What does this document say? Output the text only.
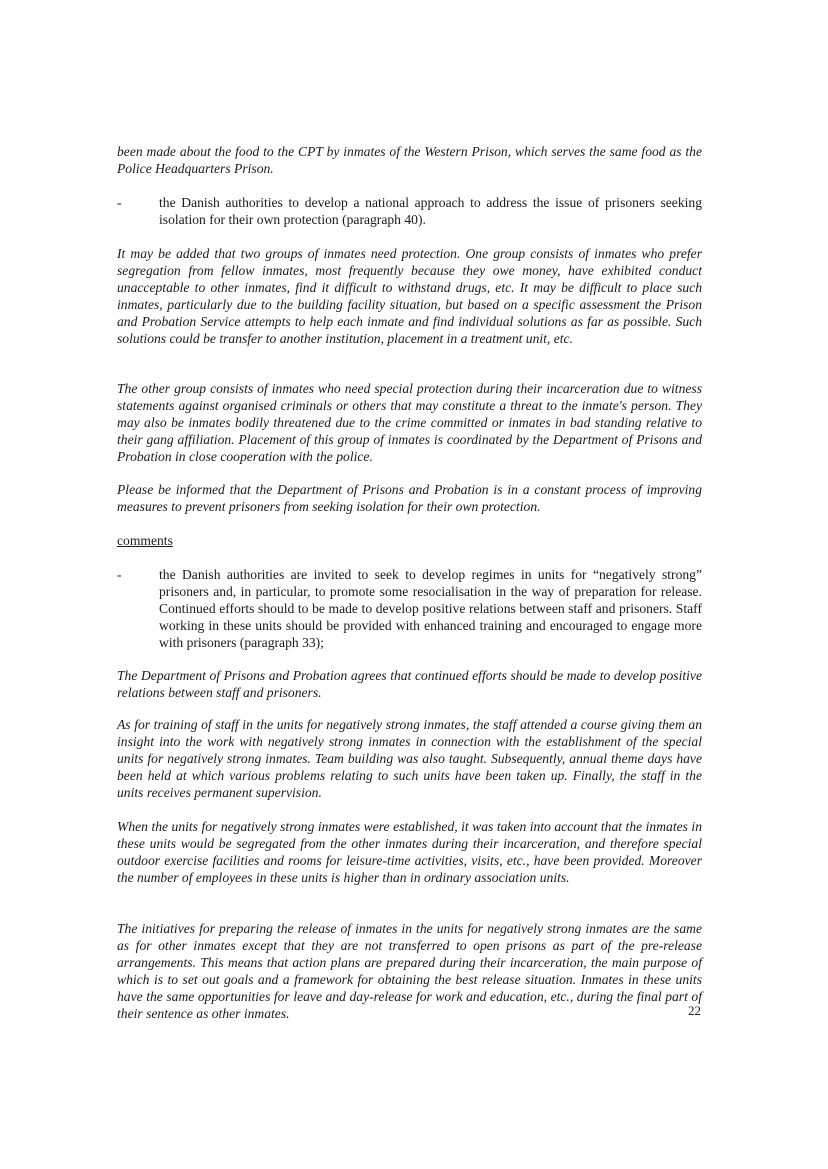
been made about the food to the CPT by inmates of the Western Prison, which serves the same food as the Police Headquarters Prison.

-	the Danish authorities to develop a national approach to address the issue of prisoners seeking isolation for their own protection (paragraph 40).

It may be added that two groups of inmates need protection. One group consists of inmates who prefer segregation from fellow inmates, most frequently because they owe money, have exhibited conduct unacceptable to other inmates, find it difficult to withstand drugs, etc. It may be difficult to place such inmates, particularly due to the building facility situation, but based on a specific assessment the Prison and Probation Service attempts to help each inmate and find individual solutions as far as possible. Such solutions could be transfer to another institution, placement in a treatment unit, etc.

The other group consists of inmates who need special protection during their incarceration due to witness statements against organised criminals or others that may constitute a threat to the inmate's person. They may also be inmates bodily threatened due to the crime committed or inmates in bad standing relative to their gang affiliation. Placement of this group of inmates is coordinated by the Department of Prisons and Probation in close cooperation with the police.

Please be informed that the Department of Prisons and Probation is in a constant process of improving measures to prevent prisoners from seeking isolation for their own protection.

comments
-	the Danish authorities are invited to seek to develop regimes in units for “negatively strong” prisoners and, in particular, to promote some resocialisation in the way of preparation for release. Continued efforts should to be made to develop positive relations between staff and prisoners. Staff working in these units should be provided with enhanced training and encouraged to engage more with prisoners (paragraph 33);

The Department of Prisons and Probation agrees that continued efforts should be made to develop positive relations between staff and prisoners.

As for training of staff in the units for negatively strong inmates, the staff attended a course giving them an insight into the work with negatively strong inmates in connection with the establishment of the special units for negatively strong inmates. Team building was also taught. Subsequently, annual theme days have been held at which various problems relating to such units have been taken up. Finally, the staff in the units receives permanent supervision.

When the units for negatively strong inmates were established, it was taken into account that the inmates in these units would be segregated from the other inmates during their incarceration, and therefore special outdoor exercise facilities and rooms for leisure-time activities, visits, etc., have been provided. Moreover the number of employees in these units is higher than in ordinary association units.

The initiatives for preparing the release of inmates in the units for negatively strong inmates are the same as for other inmates except that they are not transferred to open prisons as part of the pre-release arrangements. This means that action plans are prepared during their incarceration, the main purpose of which is to set out goals and a framework for obtaining the best release situation. Inmates in these units have the same opportunities for leave and day-release for work and education, etc., during the final part of their sentence as other inmates.	22
